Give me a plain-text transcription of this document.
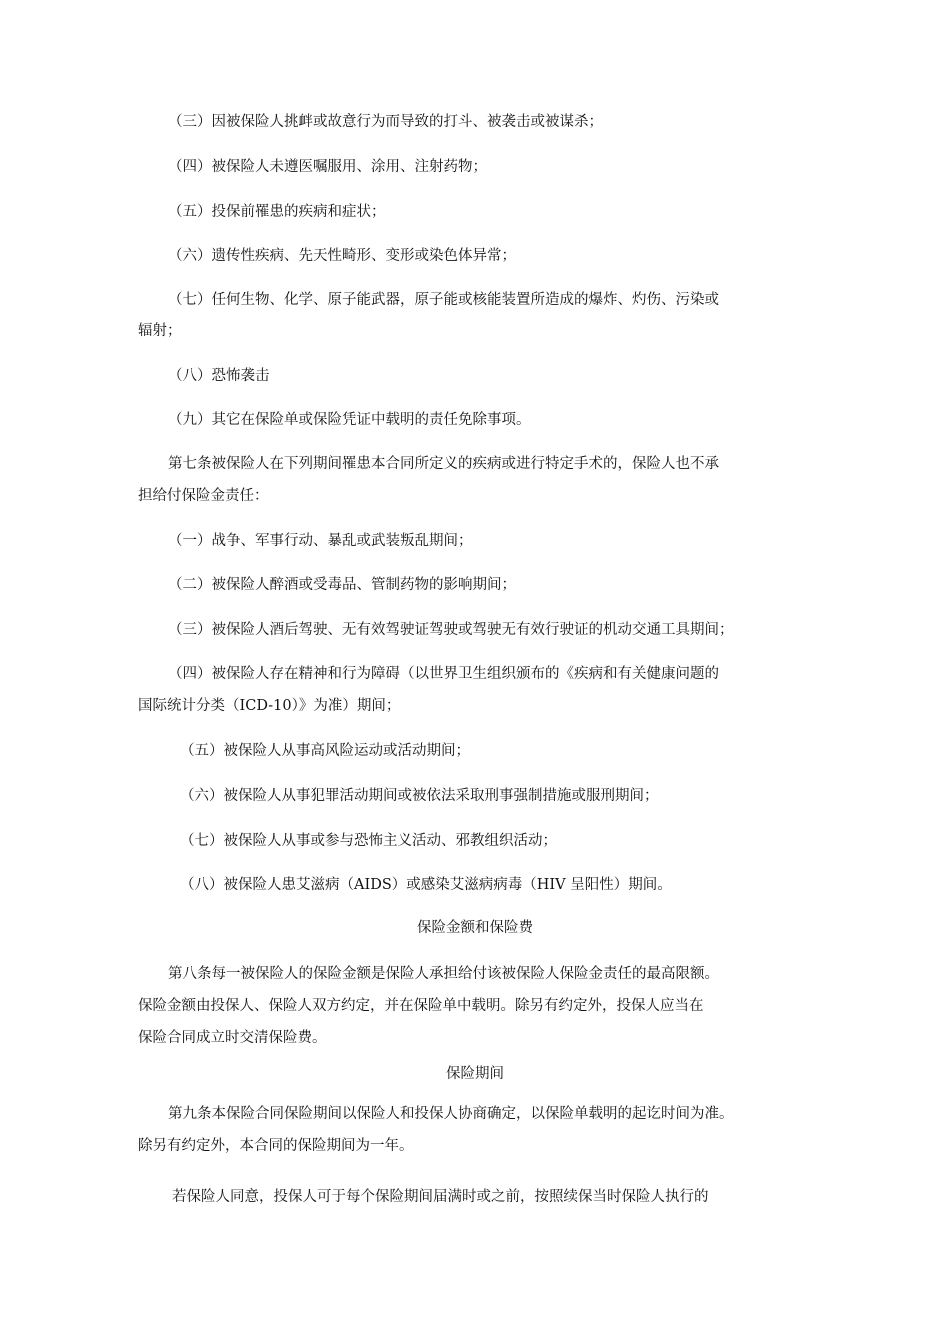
（三）因被保险人挑衅或故意行为而导致的打斗、被袭击或被谋杀；

（四）被保险人未遵医嘱服用、涂用、注射药物；

（五）投保前罹患的疾病和症状；

（六）遗传性疾病、先天性畸形、变形或染色体异常；

（七）任何生物、化学、原子能武器，原子能或核能装置所造成的爆炸、灼伤、污染或

辐射；

（八）恐怖袭击

（九）其它在保险单或保险凭证中载明的责任免除事项。

第七条被保险人在下列期间罹患本合同所定义的疾病或进行特定手术的，保险人也不承

担给付保险金责任：

（一）战争、军事行动、暴乱或武装叛乱期间；

（二）被保险人醉酒或受毒品、管制药物的影响期间；

（三）被保险人酒后驾驶、无有效驾驶证驾驶或驾驶无有效行驶证的机动交通工具期间；

（四）被保险人存在精神和行为障碍（以世界卫生组织颁布的《疾病和有关健康问题的

国际统计分类（ICD-10）》为准）期间；

（五）被保险人从事高风险运动或活动期间；

（六）被保险人从事犯罪活动期间或被依法采取刑事强制措施或服刑期间；

（七）被保险人从事或参与恐怖主义活动、邪教组织活动；

（八）被保险人患艾滋病（AIDS）或感染艾滋病病毒（HIV 呈阳性）期间。

保险金额和保险费

第八条每一被保险人的保险金额是保险人承担给付该被保险人保险金责任的最高限额。

保险金额由投保人、保险人双方约定，并在保险单中载明。除另有约定外，投保人应当在

保险合同成立时交清保险费。

保险期间

第九条本保险合同保险期间以保险人和投保人协商确定，以保险单载明的起讫时间为准。

除另有约定外，本合同的保险期间为一年。

若保险人同意，投保人可于每个保险期间届满时或之前，按照续保当时保险人执行的
